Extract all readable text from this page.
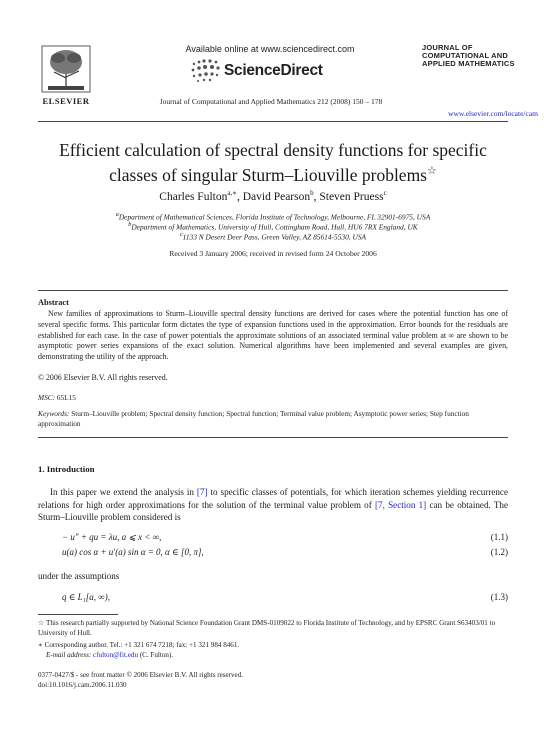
ELSEVIER
Available online at www.sciencedirect.com
ScienceDirect
Journal of Computational and Applied Mathematics 212 (2008) 150 – 178
JOURNAL OF
COMPUTATIONAL AND
APPLIED MATHEMATICS
www.elsevier.com/locate/cam
Efficient calculation of spectral density functions for specific
classes of singular Sturm–Liouville problems☆
Charles Fulton$^{a,∗}$, David Pearson$^b$, Steven Pruess$^c$
$^a$Department of Mathematical Sciences, Florida Institute of Technology, Melbourne, FL 32901-6975, USA
$^b$Department of Mathematics, University of Hull, Cottingham Road, Hull, HU6 7RX England, UK
$^c$1133 N Desert Deer Pass, Green Valley, AZ 85614-5530, USA
Received 3 January 2006; received in revised form 24 October 2006
Abstract
New families of approximations to Sturm–Liouville spectral density functions are derived for cases where the potential function has one of several specific forms. This particular form dictates the type of expansion functions used in the approximation. Error bounds for the residuals are established for each case. In the case of power potentials the approximate solutions of an associated terminal value problem at ∞ are shown to be asymptotic power series expansions of the exact solution. Numerical algorithms have been implemented and several examples are given, demonstrating the utility of the approach.
© 2006 Elsevier B.V. All rights reserved.
MSC: 65L15
Keywords: Sturm–Liouville problem; Spectral density function; Spectral function; Terminal value problem; Asymptotic power series; Step function approximation
1. Introduction
In this paper we extend the analysis in [7] to specific classes of potentials, for which iteration schemes yielding recurrence relations for high order approximations for the solution of the terminal value problem of [7, Section 1] can be obtained. The Sturm–Liouville problem considered is
− u″ + qu = λu, a ⩽ x < ∞,	(1.1)
u(a) cos α + u′(a) sin α = 0, α ∈ [0, π],	(1.2)
under the assumptions
q ∈ L₁[a, ∞),	(1.3)
☆ This research partially supported by National Science Foundation Grant DMS-0109022 to Florida Institute of Technology, and by EPSRC Grant S63403/01 to University of Hull.
∗ Corresponding author. Tel.: +1 321 674 7218; fax: +1 321 984 8461.
E-mail address: cfulton@fit.edu (C. Fulton).
0377-0427/$ - see front matter © 2006 Elsevier B.V. All rights reserved.
doi:10.1016/j.cam.2006.11.030
